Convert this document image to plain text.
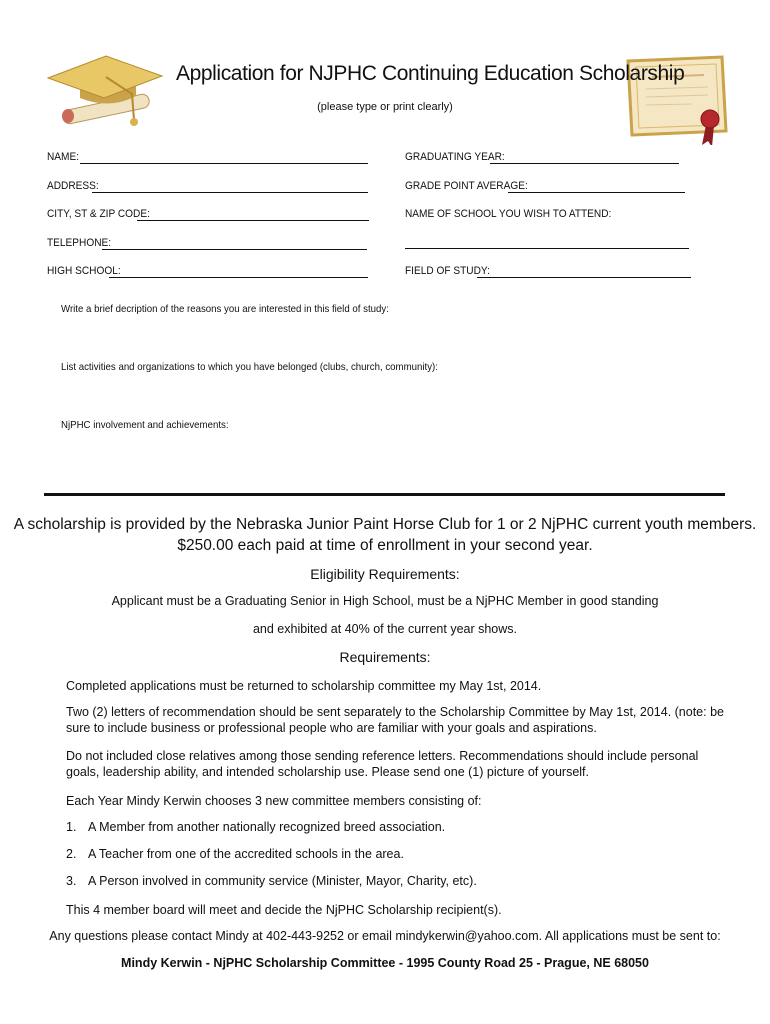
Application for NJPHC Continuing Education Scholarship
(please type or print clearly)
NAME:
ADDRESS:
CITY, ST & ZIP CODE:
TELEPHONE:
HIGH SCHOOL:
GRADUATING YEAR:
GRADE POINT AVERAGE:
NAME OF SCHOOL YOU WISH TO ATTEND:
FIELD OF STUDY:
Write a brief decription of the reasons you are interested in this field of study:
List activities and organizations to which you have belonged (clubs, church, community):
NjPHC involvement and achievements:
A scholarship is provided by the Nebraska Junior Paint Horse Club for 1 or 2 NjPHC current youth members.
$250.00 each paid at time of enrollment in your second year.
Eligibility Requirements:
Applicant must be a Graduating Senior in High School, must be a NjPHC Member in good standing
and exhibited at 40% of the current year shows.
Requirements:
Completed applications must be returned to scholarship committee my May 1st, 2014.
Two (2) letters of recommendation should be sent separately to the Scholarship Committee by May 1st, 2014. (note: be sure to include business or professional people who are familiar with your goals and aspirations.
Do not included close relatives among those sending reference letters. Recommendations should include personal goals, leadership ability, and intended scholarship use. Please send one (1) picture of yourself.
Each Year Mindy Kerwin chooses 3 new committee members consisting of:
1. A Member from another nationally recognized breed association.
2. A Teacher from one of the accredited schools in the area.
3. A Person involved in community service (Minister, Mayor, Charity, etc).
This 4 member board will meet and decide the NjPHC Scholarship recipient(s).
Any questions please contact Mindy at 402-443-9252 or email mindykerwin@yahoo.com. All applications must be sent to:
Mindy Kerwin - NjPHC Scholarship Committee - 1995 County Road 25 - Prague, NE 68050
